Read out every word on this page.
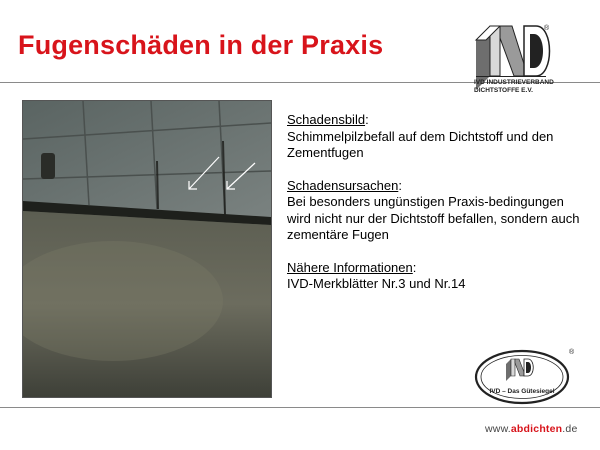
Fugenschäden in der Praxis
®
IVD INDUSTRIEVERBAND
DICHTSTOFFE E.V.

Schadensbild:
Schimmelpilzbefall auf dem Dichtstoff und den Zementfugen

Schadensursachen:
Bei besonders ungünstigen Praxis-bedingungen wird nicht nur der Dichtstoff befallen, sondern auch zementäre Fugen

Nähere Informationen:
IVD-Merkblätter Nr.3 und Nr.14

IVD – Das Gütesiegel
®
www.abdichten.de
